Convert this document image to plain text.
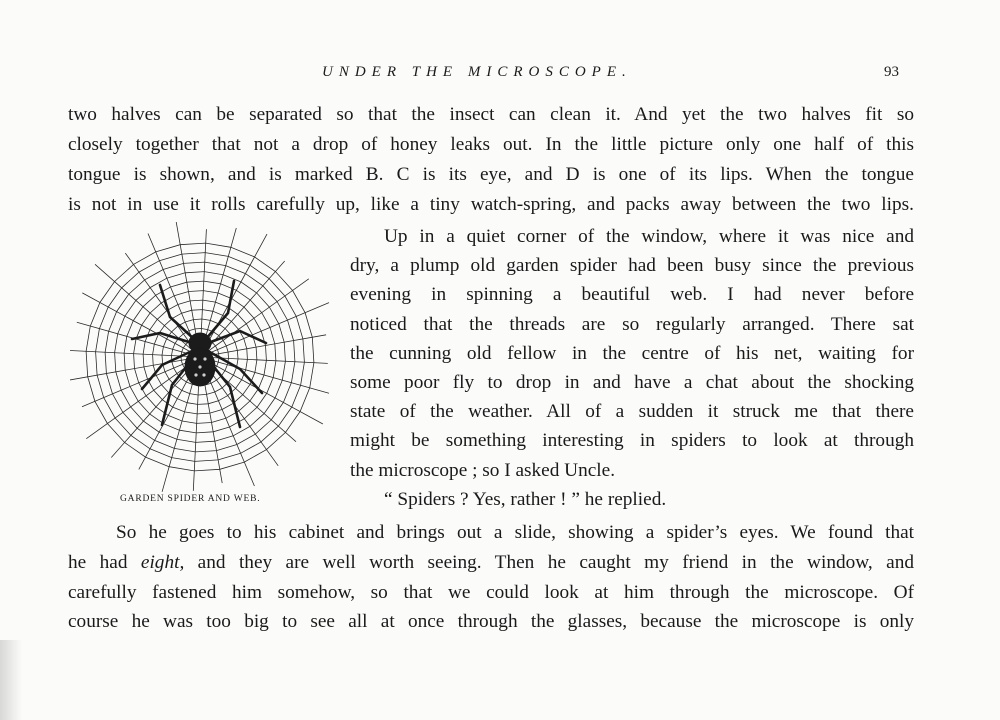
UNDER THE MICROSCOPE.	93
two halves can be separated so that the insect can clean it. And yet the two halves fit so
closely together that not a drop of honey leaks out. In the little picture only one half of this
tongue is shown, and is marked B. C is its eye, and D is one of its lips. When the tongue
is not in use it rolls carefully up, like a tiny watch-spring, and packs away between the two lips.
Up in a quiet corner of the window, where it was nice and
dry, a plump old garden spider had been busy since the previous
evening in spinning a beautiful web. I had never before
noticed that the threads are so regularly arranged. There sat
the cunning old fellow in the centre of his net, waiting for
some poor fly to drop in and have a chat about the shocking
state of the weather. All of a sudden it struck me that there
might be something interesting in spiders to look at through
the microscope ; so I asked Uncle.
“ Spiders ? Yes, rather ! ” he replied.
GARDEN SPIDER AND WEB.
So he goes to his cabinet and brings out a slide, showing a spider’s eyes. We found that
he had eight, and they are well worth seeing. Then he caught my friend in the window, and
carefully fastened him somehow, so that we could look at him through the microscope. Of
course he was too big to see all at once through the glasses, because the microscope is only
